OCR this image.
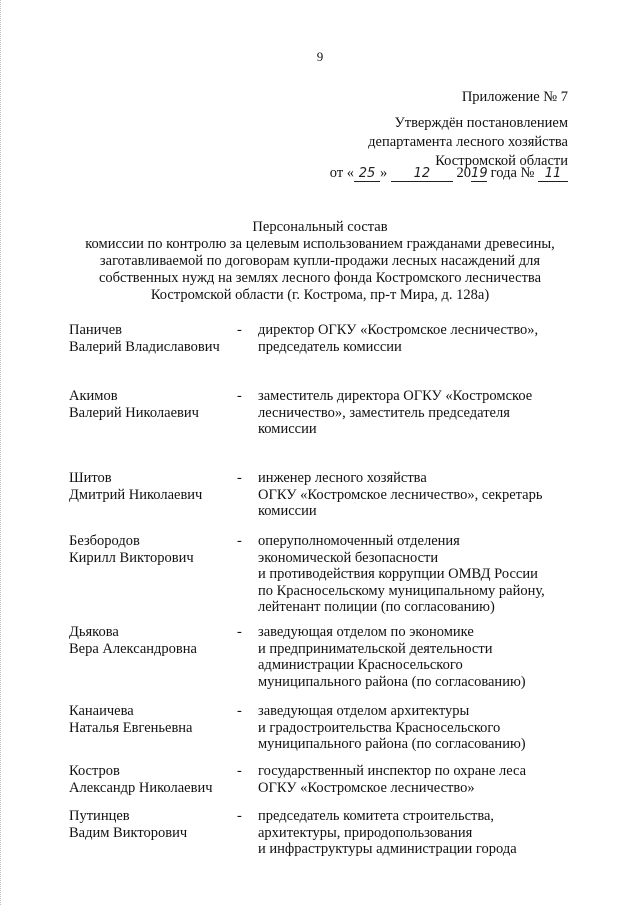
9
Приложение № 7
Утверждён постановлением
департамента лесного хозяйства
Костромской области
от « 25 » 12 2019 года № 11
Персональный состав
комиссии по контролю за целевым использованием гражданами древесины,
заготавливаемой по договорам купли-продажи лесных насаждений для
собственных нужд на землях лесного фонда Костромского лесничества
Костромской области (г. Кострома, пр-т Мира, д. 128а)
Паничев
Валерий Владиславович
-	директор ОГКУ «Костромское лесничество»,
председатель комиссии
Акимов
Валерий Николаевич
-	заместитель директора ОГКУ «Костромское
лесничество», заместитель председателя
комиссии
Шитов
Дмитрий Николаевич
-	инженер лесного хозяйства
ОГКУ «Костромское лесничество», секретарь
комиссии
Безбородов
Кирилл Викторович
-	оперуполномоченный отделения
экономической безопасности
и противодействия коррупции ОМВД России
по Красносельскому муниципальному району,
лейтенант полиции (по согласованию)
Дьякова
Вера Александровна
-	заведующая отделом по экономике
и предпринимательской деятельности
администрации Красносельского
муниципального района (по согласованию)
Канаичева
Наталья Евгеньевна
-	заведующая отделом архитектуры
и градостроительства Красносельского
муниципального района (по согласованию)
Костров
Александр Николаевич
-	государственный инспектор по охране леса
ОГКУ «Костромское лесничество»
Путинцев
Вадим Викторович
-	председатель комитета строительства,
архитектуры, природопользования
и инфраструктуры администрации города
